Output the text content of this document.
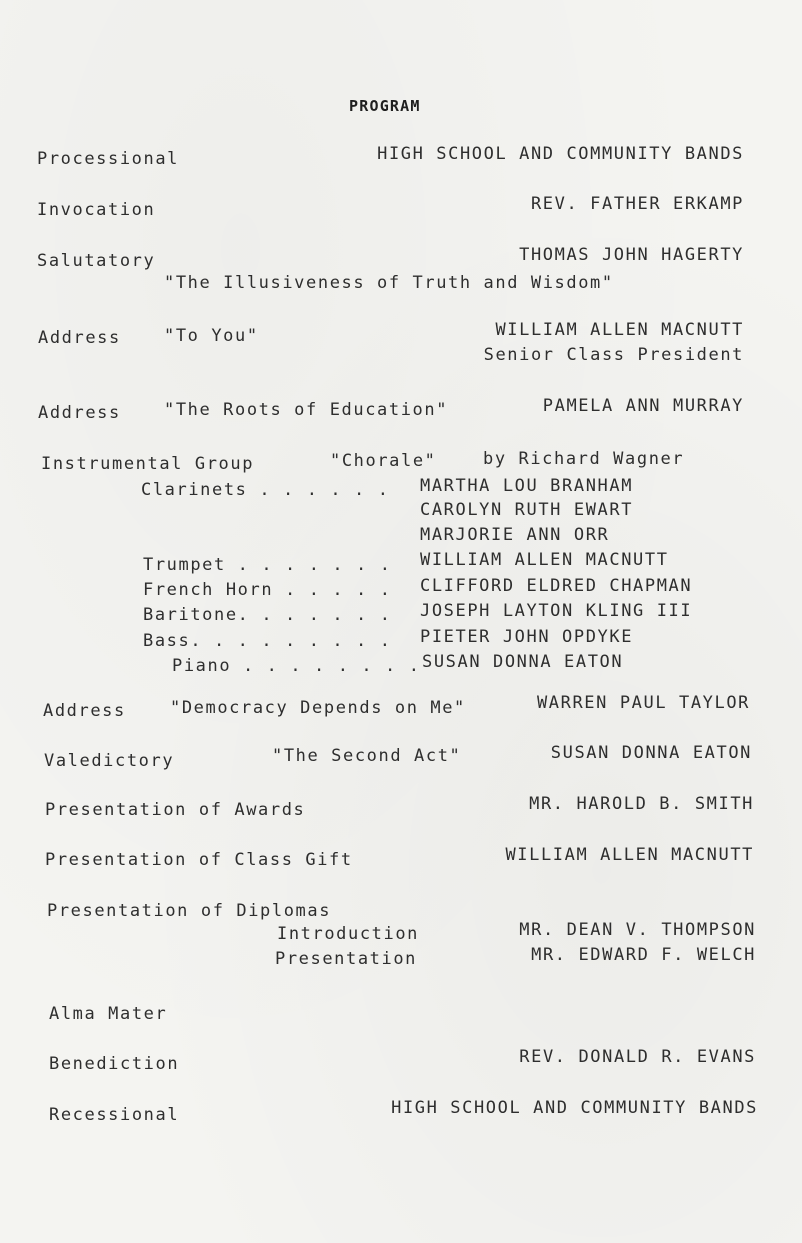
PROGRAM
Processional	HIGH SCHOOL AND COMMUNITY BANDS
Invocation	REV. FATHER ERKAMP
Salutatory	THOMAS JOHN HAGERTY
"The Illusiveness of Truth and Wisdom"
Address	"To You"	WILLIAM ALLEN MACNUTT
Senior Class President
Address	"The Roots of Education"	PAMELA ANN MURRAY
Instrumental Group	"Chorale"	by Richard Wagner
Clarinets . . . . . . MARTHA LOU BRANHAM
CAROLYN RUTH EWART
MARJORIE ANN ORR
Trumpet . . . . . . . WILLIAM ALLEN MACNUTT
French Horn . . . . . CLIFFORD ELDRED CHAPMAN
Baritone. . . . . . . JOSEPH LAYTON KLING III
Bass. . . . . . . . . PIETER JOHN OPDYKE
Piano . . . . . . . . SUSAN DONNA EATON
Address	"Democracy Depends on Me"	WARREN PAUL TAYLOR
Valedictory	"The Second Act"	SUSAN DONNA EATON
Presentation of Awards	MR. HAROLD B. SMITH
Presentation of Class Gift	WILLIAM ALLEN MACNUTT
Presentation of Diplomas
Introduction	MR. DEAN V. THOMPSON
Presentation	MR. EDWARD F. WELCH
Alma Mater
Benediction	REV. DONALD R. EVANS
Recessional	HIGH SCHOOL AND COMMUNITY BANDS
